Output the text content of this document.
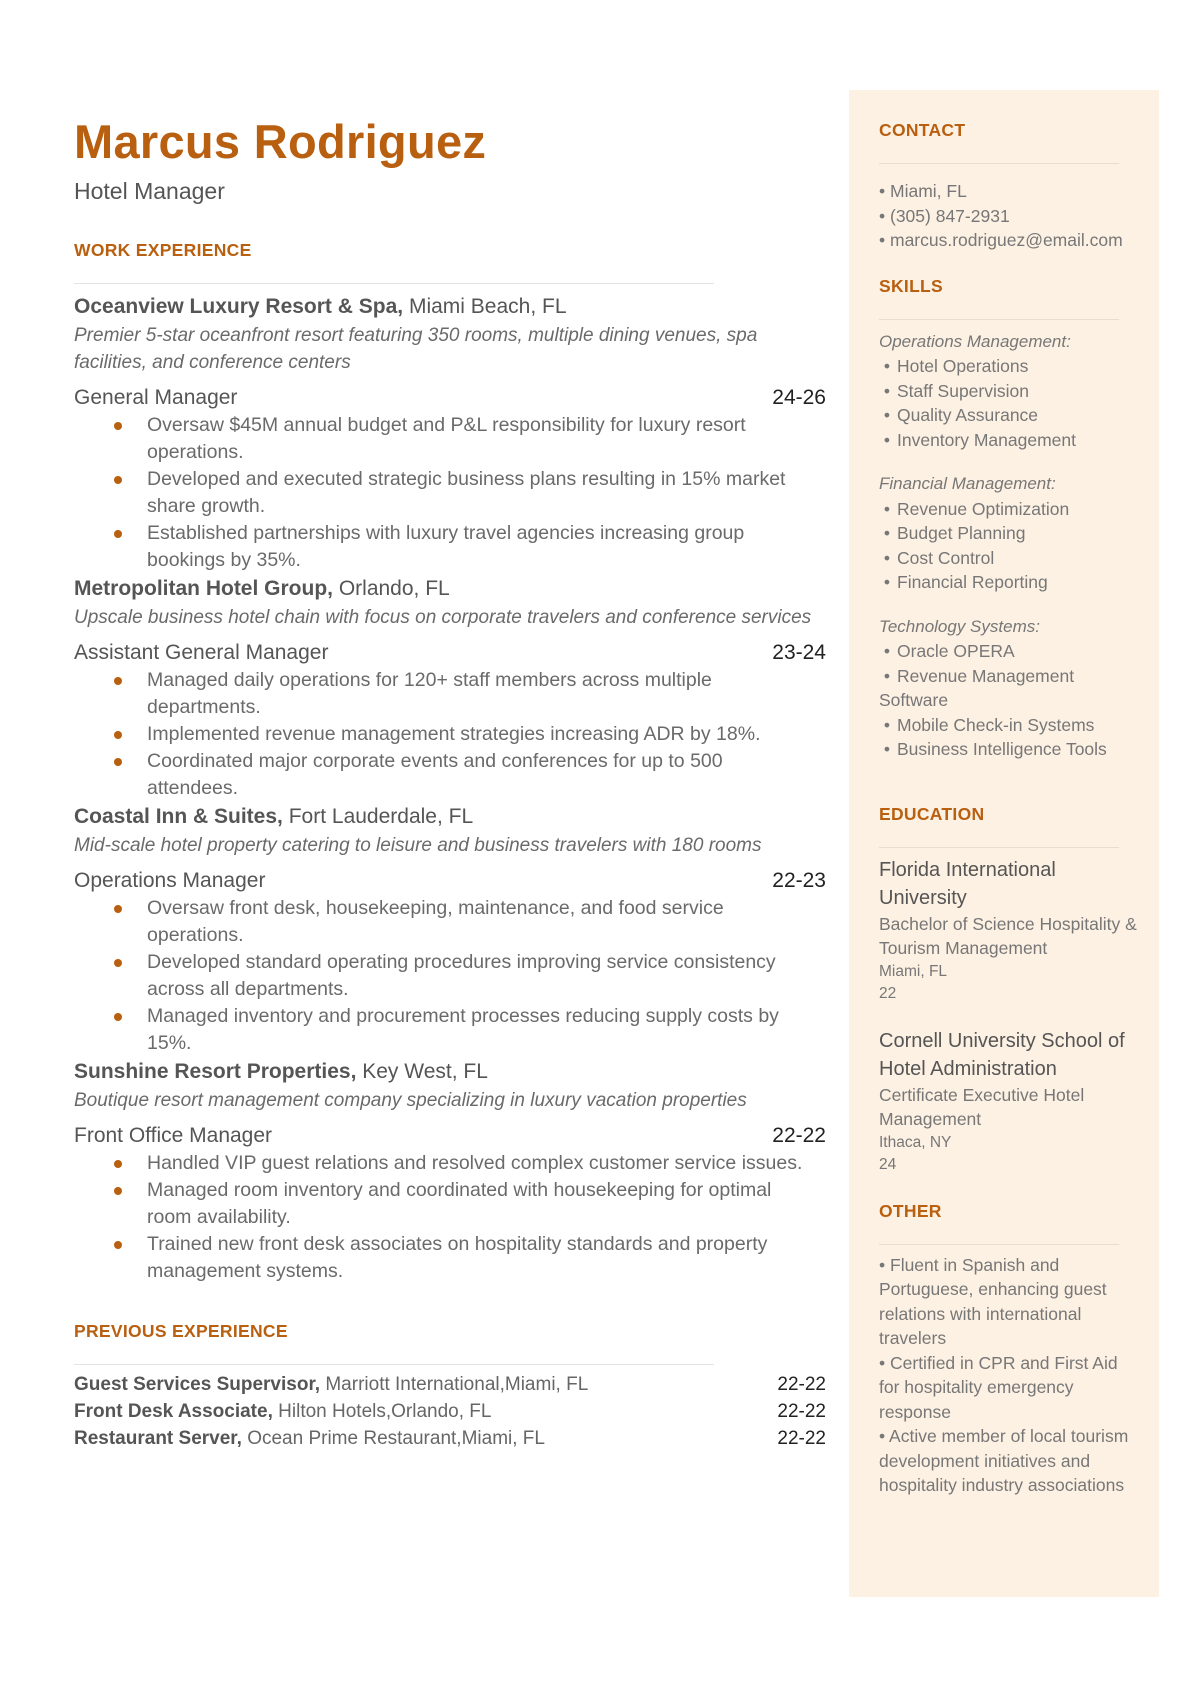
Marcus Rodriguez
Hotel Manager
WORK EXPERIENCE
Oceanview Luxury Resort & Spa, Miami Beach, FL
Premier 5-star oceanfront resort featuring 350 rooms, multiple dining venues, spa facilities, and conference centers
General Manager	24-26
Oversaw $45M annual budget and P&L responsibility for luxury resort operations.
Developed and executed strategic business plans resulting in 15% market share growth.
Established partnerships with luxury travel agencies increasing group bookings by 35%.
Metropolitan Hotel Group, Orlando, FL
Upscale business hotel chain with focus on corporate travelers and conference services
Assistant General Manager	23-24
Managed daily operations for 120+ staff members across multiple departments.
Implemented revenue management strategies increasing ADR by 18%.
Coordinated major corporate events and conferences for up to 500 attendees.
Coastal Inn & Suites, Fort Lauderdale, FL
Mid-scale hotel property catering to leisure and business travelers with 180 rooms
Operations Manager	22-23
Oversaw front desk, housekeeping, maintenance, and food service operations.
Developed standard operating procedures improving service consistency across all departments.
Managed inventory and procurement processes reducing supply costs by 15%.
Sunshine Resort Properties, Key West, FL
Boutique resort management company specializing in luxury vacation properties
Front Office Manager	22-22
Handled VIP guest relations and resolved complex customer service issues.
Managed room inventory and coordinated with housekeeping for optimal room availability.
Trained new front desk associates on hospitality standards and property management systems.
PREVIOUS EXPERIENCE
Guest Services Supervisor, Marriott International,Miami, FL	22-22
Front Desk Associate, Hilton Hotels,Orlando, FL	22-22
Restaurant Server, Ocean Prime Restaurant,Miami, FL	22-22
CONTACT
• Miami, FL
• (305) 847-2931
• marcus.rodriguez@email.com
SKILLS
Operations Management:
• Hotel Operations
• Staff Supervision
• Quality Assurance
• Inventory Management
Financial Management:
• Revenue Optimization
• Budget Planning
• Cost Control
• Financial Reporting
Technology Systems:
• Oracle OPERA
• Revenue Management Software
• Mobile Check-in Systems
• Business Intelligence Tools
EDUCATION
Florida International University
Bachelor of Science Hospitality & Tourism Management
Miami, FL
22
Cornell University School of Hotel Administration
Certificate Executive Hotel Management
Ithaca, NY
24
OTHER
• Fluent in Spanish and Portuguese, enhancing guest relations with international travelers
• Certified in CPR and First Aid for hospitality emergency response
• Active member of local tourism development initiatives and hospitality industry associations
